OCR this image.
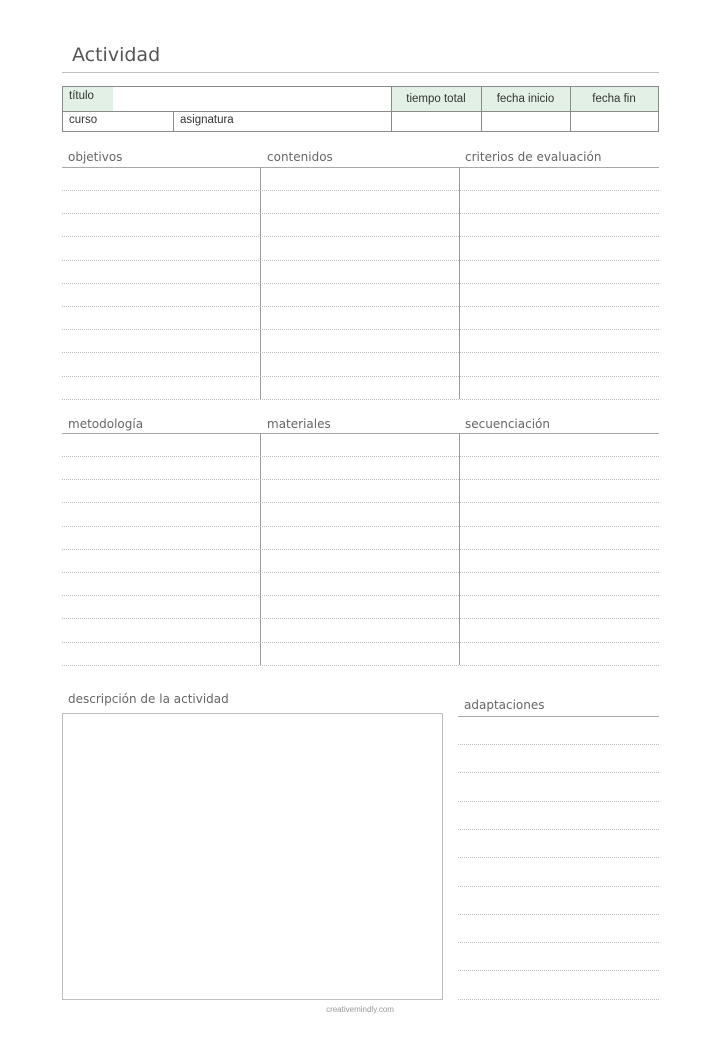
Actividad
título	tiempo total	fecha inicio	fecha fin
curso	asignatura
objetivos	contenidos	criterios de evaluación
metodología	materiales	secuenciación
descripción de la actividad	adaptaciones
creativemindly.com
